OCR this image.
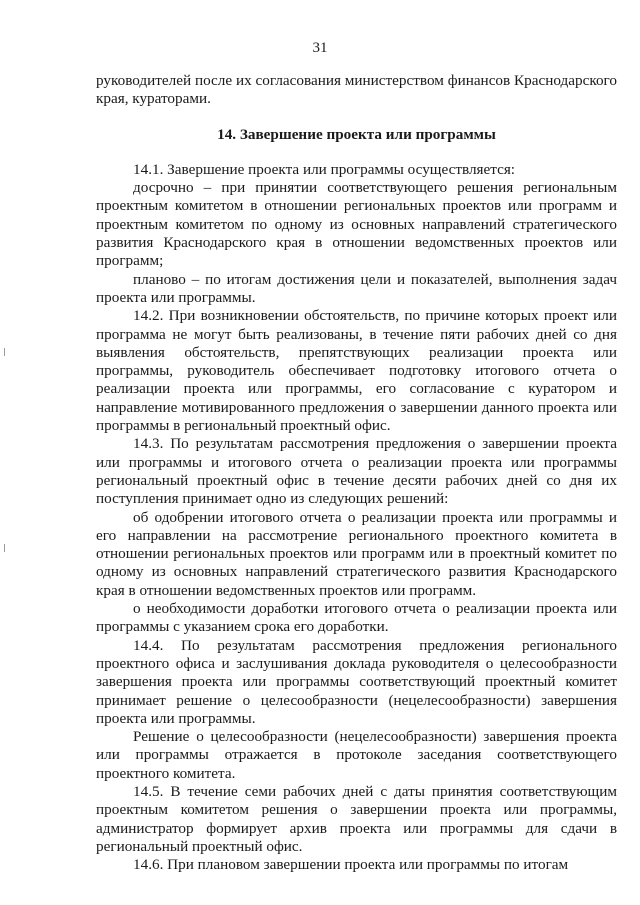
31

руководителей после их согласования министерством финансов Краснодарского края, кураторами.

14. Завершение проекта или программы

14.1. Завершение проекта или программы осуществляется:

досрочно – при принятии соответствующего решения региональным проектным комитетом в отношении региональных проектов или программ и проектным комитетом по одному из основных направлений стратегического развития Краснодарского края в отношении ведомственных проектов или программ;

планово – по итогам достижения цели и показателей, выполнения задач проекта или программы.

14.2. При возникновении обстоятельств, по причине которых проект или программа не могут быть реализованы, в течение пяти рабочих дней со дня выявления обстоятельств, препятствующих реализации проекта или программы, руководитель обеспечивает подготовку итогового отчета о реализации проекта или программы, его согласование с куратором и направление мотивированного предложения о завершении данного проекта или программы в региональный проектный офис.

14.3. По результатам рассмотрения предложения о завершении проекта или программы и итогового отчета о реализации проекта или программы региональный проектный офис в течение десяти рабочих дней со дня их поступления принимает одно из следующих решений:

об одобрении итогового отчета о реализации проекта или программы и его направлении на рассмотрение регионального проектного комитета в отношении региональных проектов или программ или в проектный комитет по одному из основных направлений стратегического развития Краснодарского края в отношении ведомственных проектов или программ.

о необходимости доработки итогового отчета о реализации проекта или программы с указанием срока его доработки.

14.4. По результатам рассмотрения предложения регионального проектного офиса и заслушивания доклада руководителя о целесообразности завершения проекта или программы соответствующий проектный комитет принимает решение о целесообразности (нецелесообразности) завершения проекта или программы.

Решение о целесообразности (нецелесообразности) завершения проекта или программы отражается в протоколе заседания соответствующего проектного комитета.

14.5. В течение семи рабочих дней с даты принятия соответствующим проектным комитетом решения о завершении проекта или программы, администратор формирует архив проекта или программы для сдачи в региональный проектный офис.

14.6. При плановом завершении проекта или программы по итогам
